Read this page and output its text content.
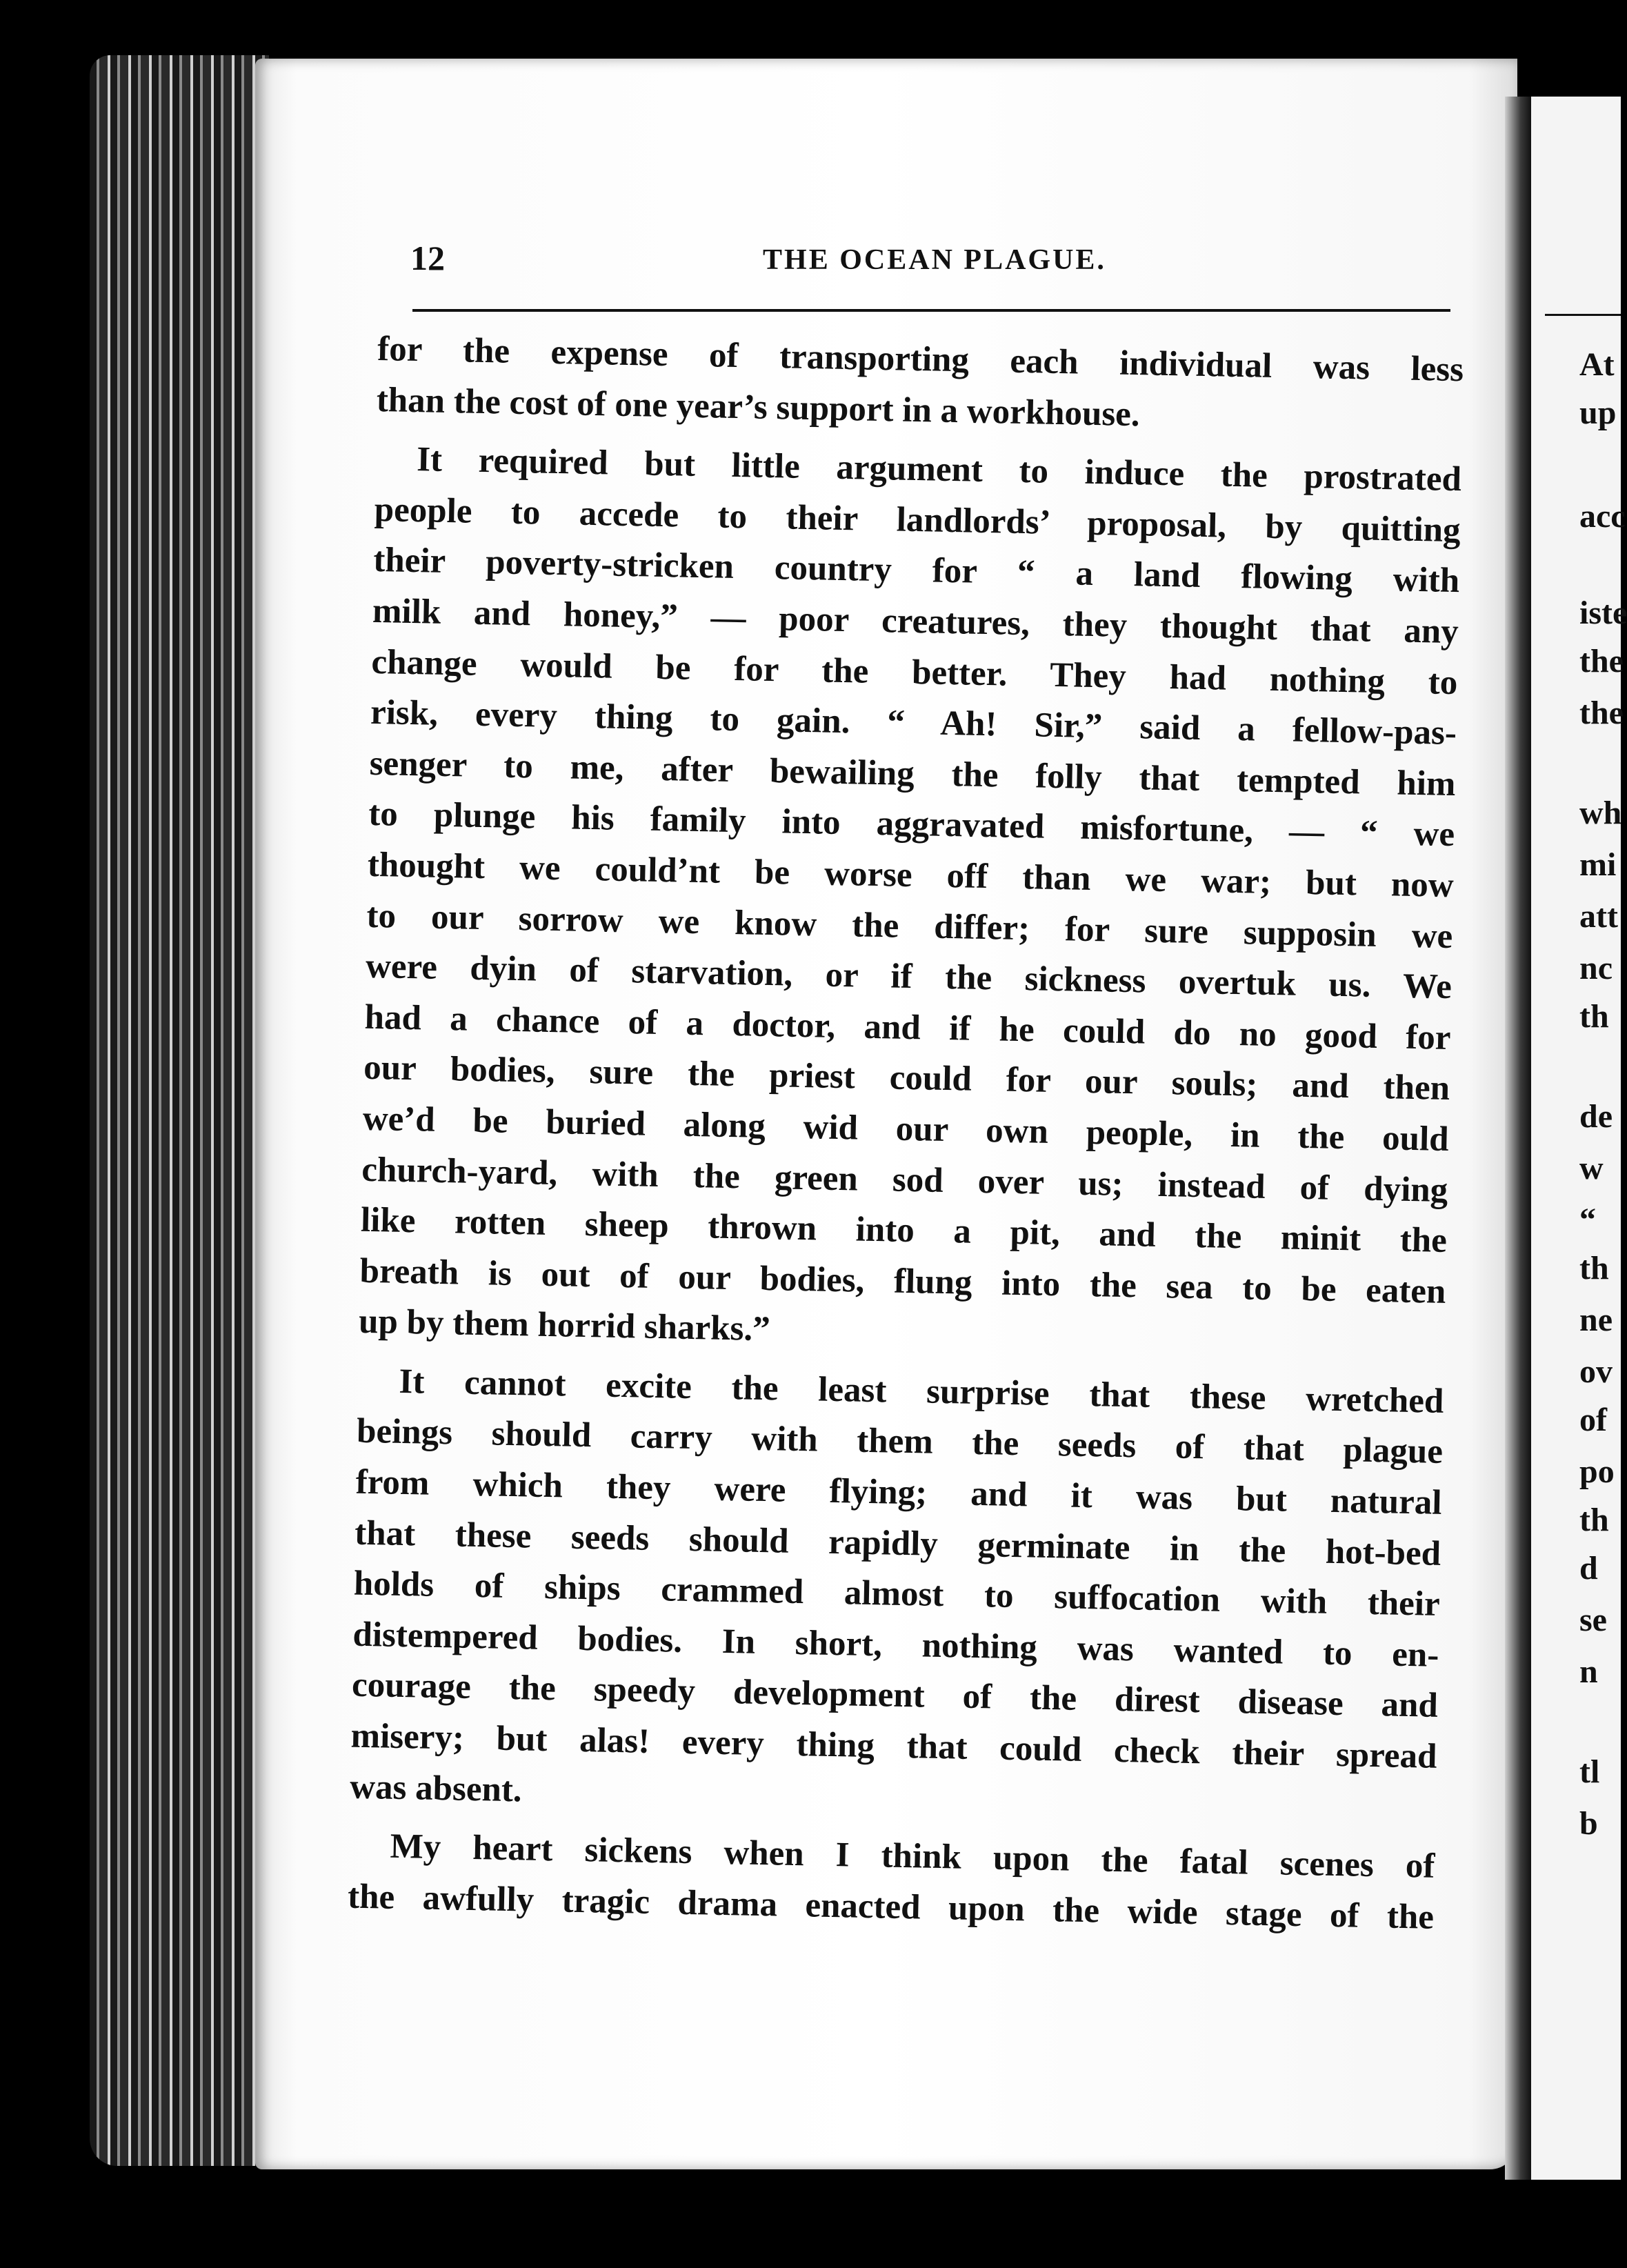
At
up
acc
iste
the
the
wh
mi
att
nc
th
de
w
“
th
ne
ov
of
po
th
d
se
n
tl
b
12	THE OCEAN PLAGUE.
for the expense of transporting each individual was less
than the cost of one year’s support in a workhouse.
It required but little argument to induce the prostrated
people to accede to their landlords’ proposal, by quitting
their poverty-stricken country for “ a land flowing with
milk and honey,” — poor creatures, they thought that any
change would be for the better. They had nothing to
risk, every thing to gain. “ Ah! Sir,” said a fellow-pas-
senger to me, after bewailing the folly that tempted him
to plunge his family into aggravated misfortune, — “ we
thought we could’nt be worse off than we war; but now
to our sorrow we know the differ; for sure supposin we
were dyin of starvation, or if the sickness overtuk us. We
had a chance of a doctor, and if he could do no good for
our bodies, sure the priest could for our souls; and then
we’d be buried along wid our own people, in the ould
church-yard, with the green sod over us; instead of dying
like rotten sheep thrown into a pit, and the minit the
breath is out of our bodies, flung into the sea to be eaten
up by them horrid sharks.”
It cannot excite the least surprise that these wretched
beings should carry with them the seeds of that plague
from which they were flying; and it was but natural
that these seeds should rapidly germinate in the hot-bed
holds of ships crammed almost to suffocation with their
distempered bodies. In short, nothing was wanted to en-
courage the speedy development of the direst disease and
misery; but alas! every thing that could check their spread
was absent.
My heart sickens when I think upon the fatal scenes of
the awfully tragic drama enacted upon the wide stage of the
